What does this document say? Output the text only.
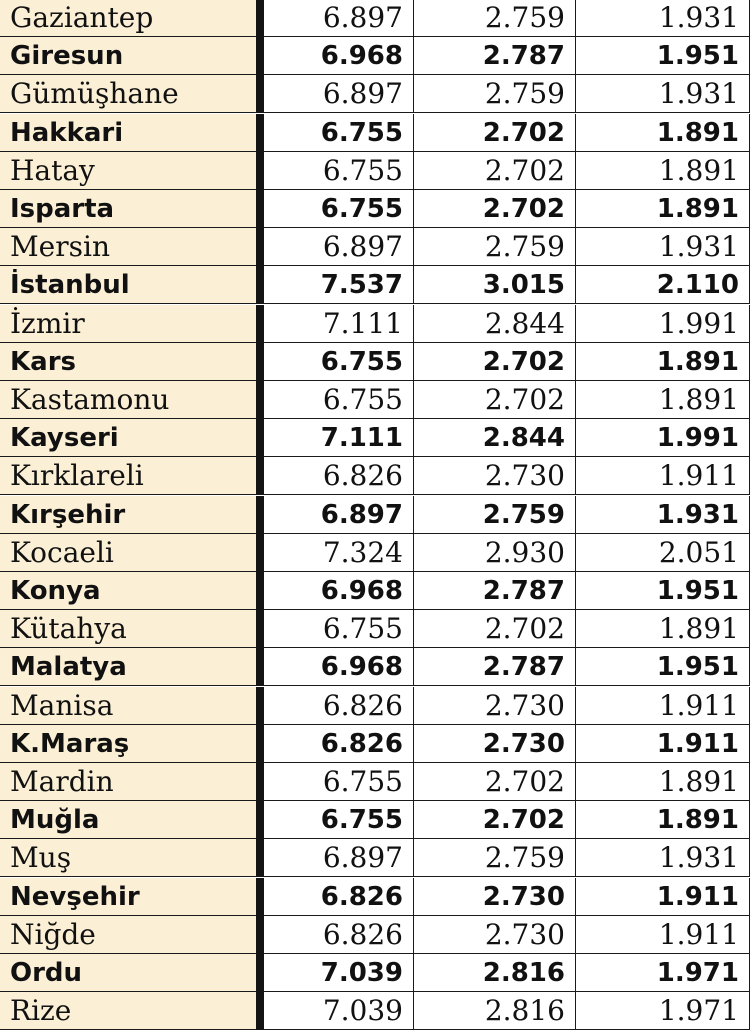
Gaziantep	6.897	2.759	1.931
Giresun	6.968	2.787	1.951
Gümüşhane	6.897	2.759	1.931
Hakkari	6.755	2.702	1.891
Hatay	6.755	2.702	1.891
Isparta	6.755	2.702	1.891
Mersin	6.897	2.759	1.931
İstanbul	7.537	3.015	2.110
İzmir	7.111	2.844	1.991
Kars	6.755	2.702	1.891
Kastamonu	6.755	2.702	1.891
Kayseri	7.111	2.844	1.991
Kırklareli	6.826	2.730	1.911
Kırşehir	6.897	2.759	1.931
Kocaeli	7.324	2.930	2.051
Konya	6.968	2.787	1.951
Kütahya	6.755	2.702	1.891
Malatya	6.968	2.787	1.951
Manisa	6.826	2.730	1.911
K.Maraş	6.826	2.730	1.911
Mardin	6.755	2.702	1.891
Muğla	6.755	2.702	1.891
Muş	6.897	2.759	1.931
Nevşehir	6.826	2.730	1.911
Niğde	6.826	2.730	1.911
Ordu	7.039	2.816	1.971
Rize	7.039	2.816	1.971
